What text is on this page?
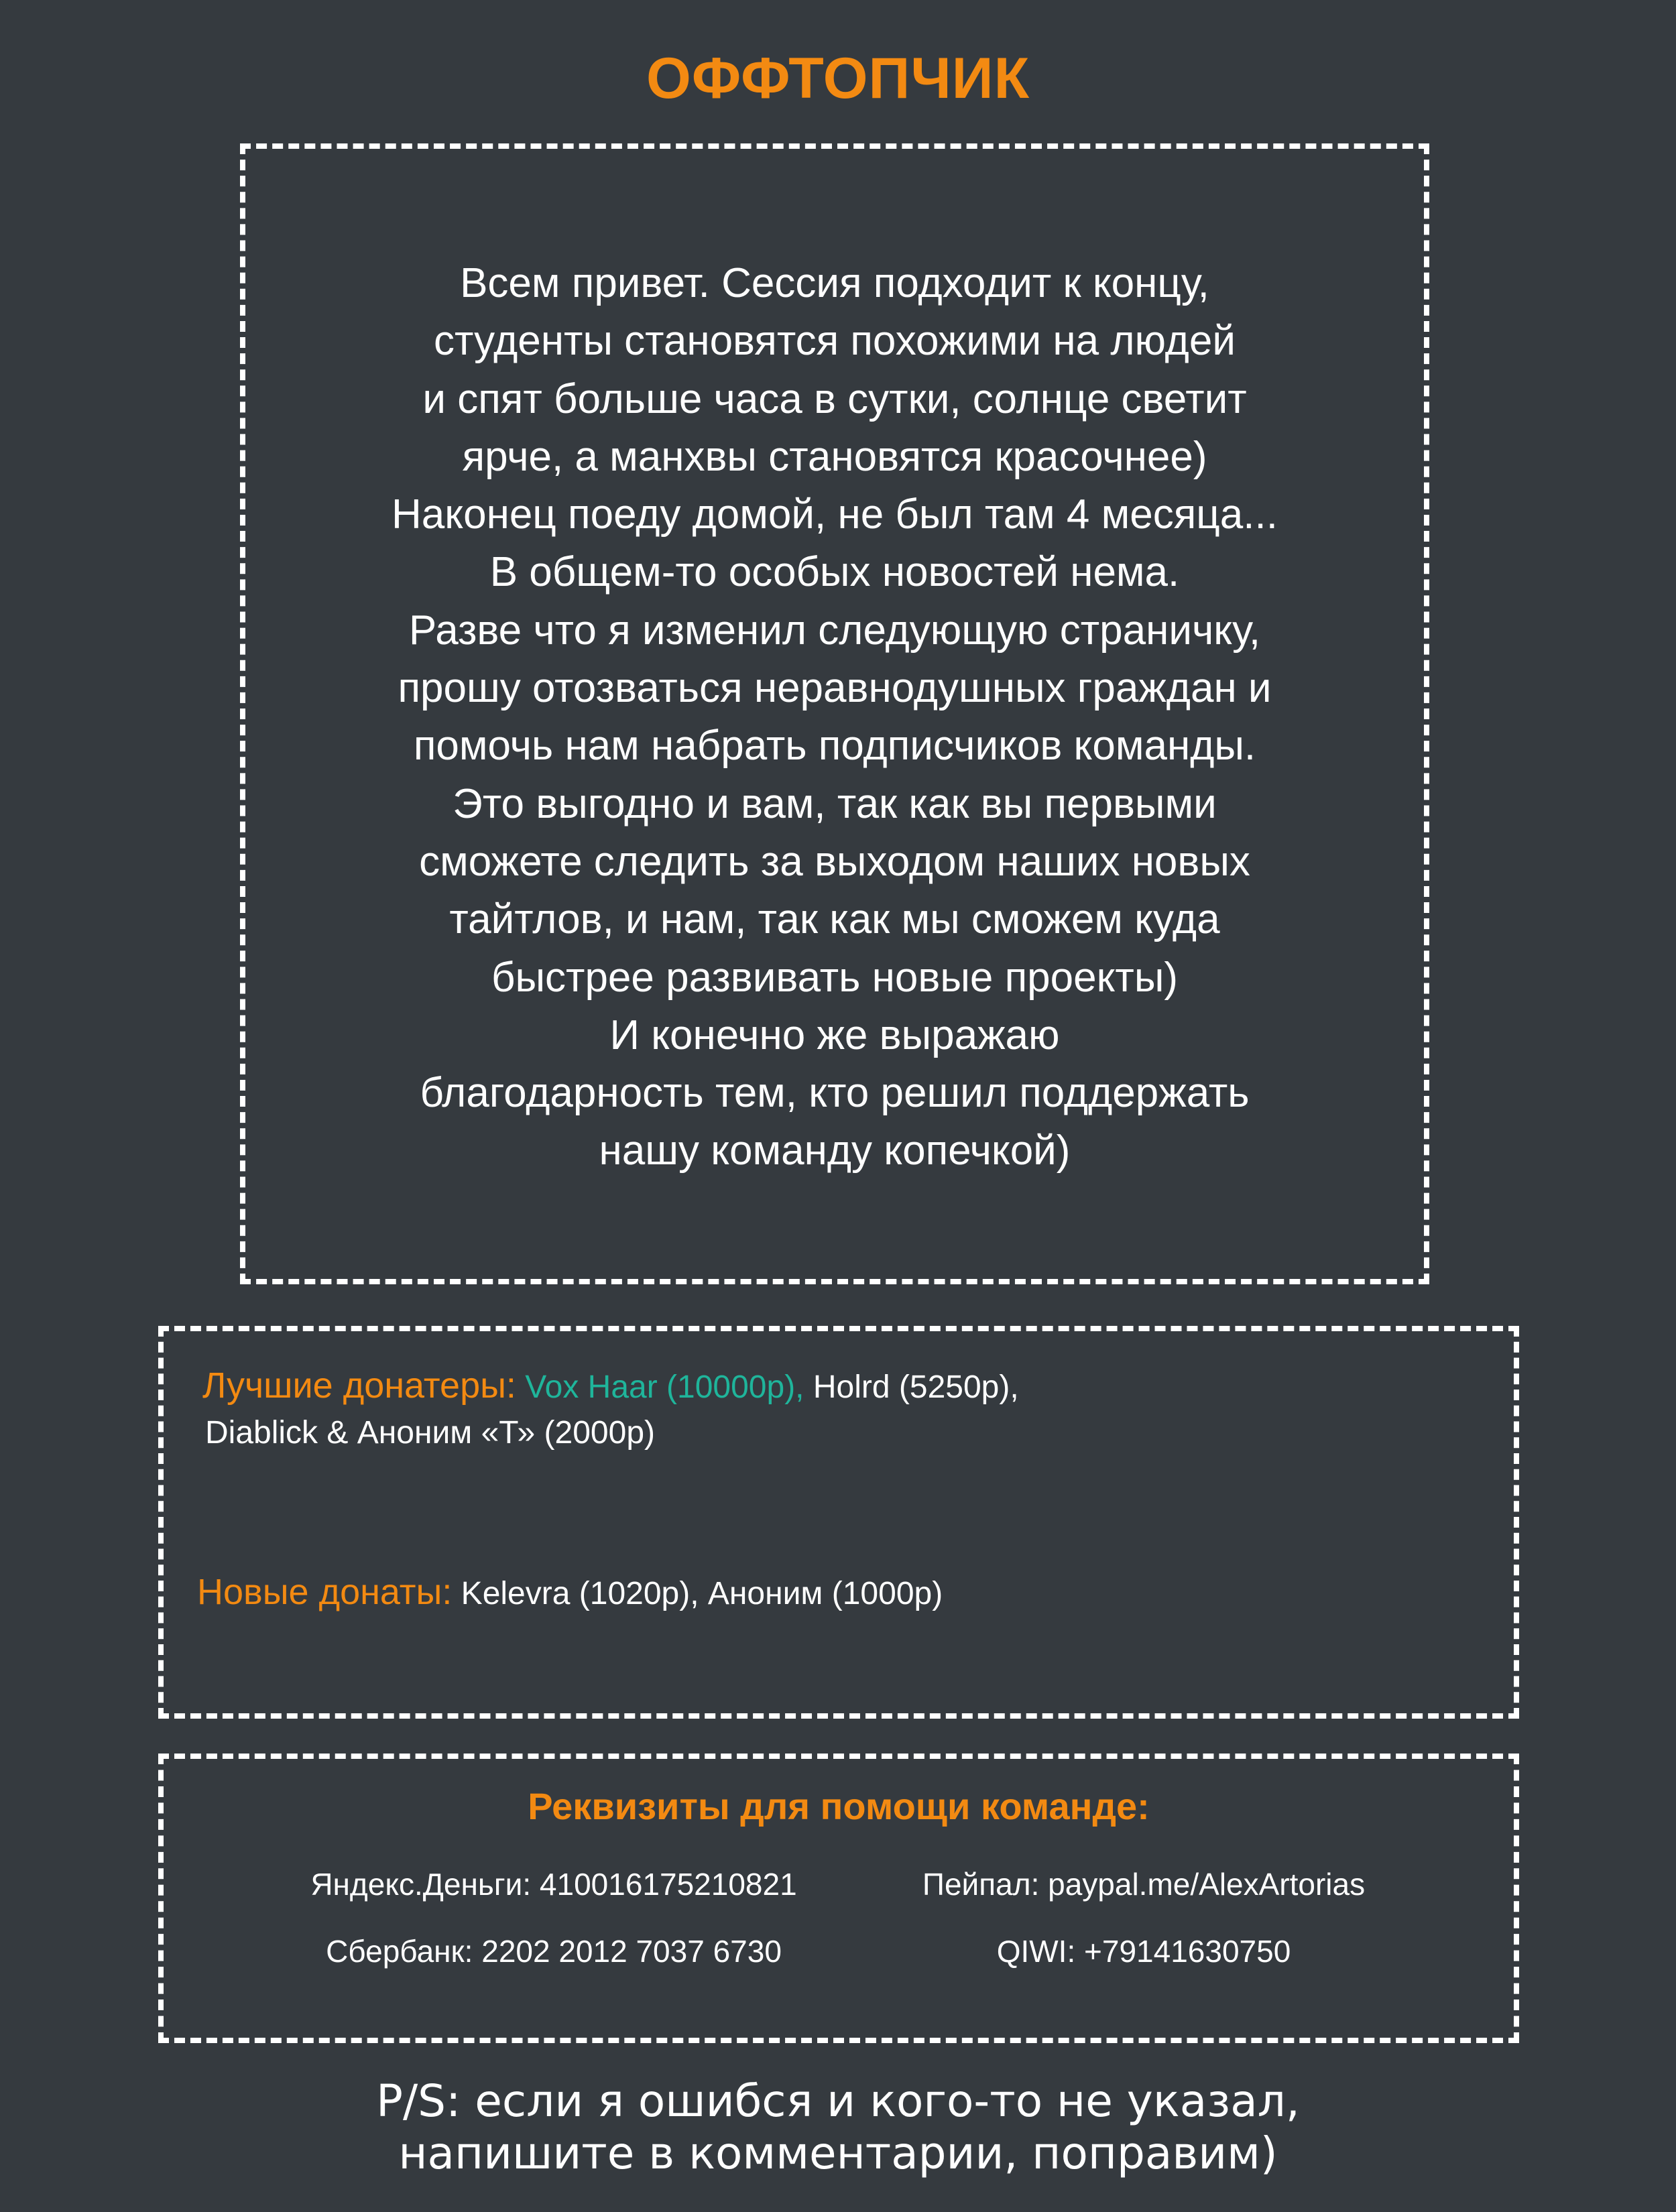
ОФФТОПЧИК
Всем привет. Сессия подходит к концу,
студенты становятся похожими на людей
и спят больше часа в сутки, солнце светит
ярче, а манхвы становятся красочнее)
Наконец поеду домой, не был там 4 месяца...
В общем-то особых новостей нема.
Разве что я изменил следующую страничку,
прошу отозваться неравнодушных граждан и
помочь нам набрать подписчиков команды.
Это выгодно и вам, так как вы первыми
сможете следить за выходом наших новых
тайтлов, и нам, так как мы сможем куда
быстрее развивать новые проекты)
И конечно же выражаю
благодарность тем, кто решил поддержать
нашу команду копечкой)
Лучшие донатеры: Vox Haar (10000р), Holrd (5250р),
Diablick & Аноним «Т» (2000р)
Новые донаты: Kelevra (1020р), Аноним (1000р)
Реквизиты для помощи команде:
Яндекс.Деньги: 410016175210821	Пейпал: paypal.me/AlexArtorias
Сбербанк: 2202 2012 7037 6730	QIWI: +79141630750
P/S: если я ошибся и кого-то не указал,
напишите в комментарии, поправим)
